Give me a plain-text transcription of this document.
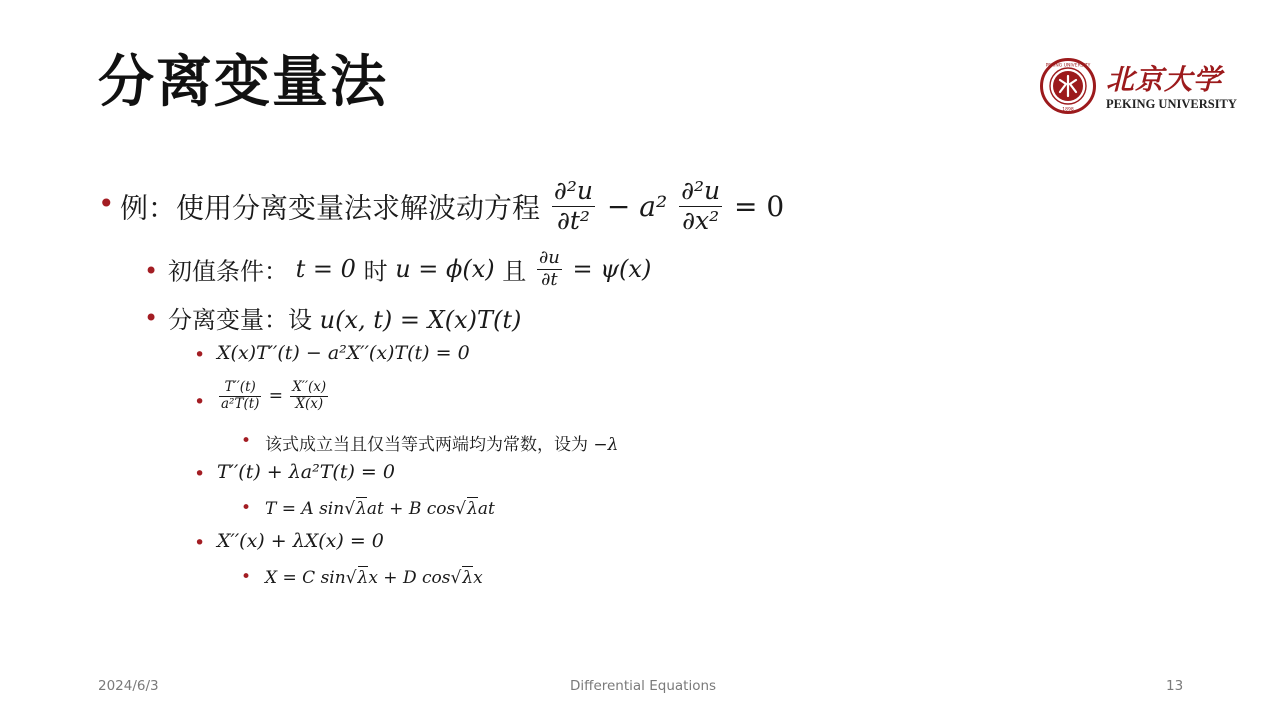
分离变量法	PEKING UNIVERSITY
1898
北京大学
PEKING UNIVERSITY
• 例：使用分离变量法求解波动方程 $\frac{\text{∂²u}}{\text{∂t²}} - a^2 \frac{\text{∂²u}}{\text{∂x²}} = 0$
• 初值条件： t = 0 时 u = ϕ(x) 且 $\frac{\partial u}{\partial t} = \psi(x)$
• 分离变量：设 u(x, t) = X(x)T(t)
• X(x)T′′(t) − a²X′′(x)T(t) = 0
• $\frac{T''(t)}{\text{a²T(t)}} = \frac{X''(x)}{X(x)}$
• 该式成立当且仅当等式两端均为常数，设为 −λ
• T′′(t) + λa²T(t) = 0
• T = A sin√λat + B cos√λat
• X′′(x) + λX(x) = 0
• X = C sin√λx + D cos√λx
2024/6/3	Differential Equations	13
